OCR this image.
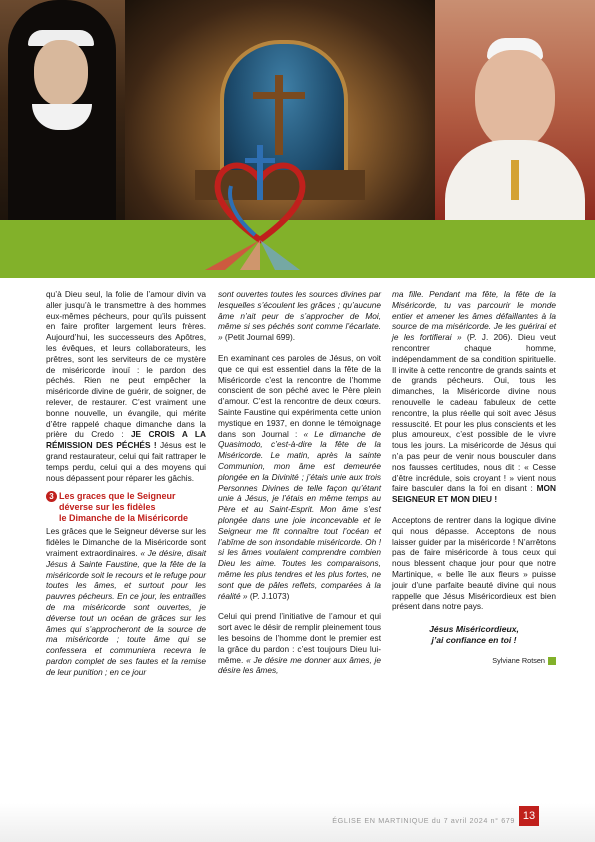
qu’à Dieu seul, la folie de l’amour divin va aller jusqu’à le transmettre à des hommes eux-mêmes pécheurs, pour qu’ils puissent en faire profiter largement leurs frères. Aujourd’hui, les successeurs des Apôtres, les évêques, et leurs collaborateurs, les prêtres, sont les serviteurs de ce mystère de miséricorde inouï : le pardon des péchés. Rien ne peut empêcher la miséricorde divine de guérir, de soigner, de relever, de restaurer. C’est vraiment une bonne nouvelle, un évangile, qui mérite d’être rappelé chaque dimanche dans la prière du Credo : JE CROIS A LA RÉMISSION DES PÉCHÉS ! Jésus est le grand restaurateur, celui qui fait rattraper le temps perdu, celui qui a des moyens qui nous dépassent pour réparer les gâchis.

3 Les graces que le Seigneur
déverse sur les fidèles
le Dimanche de la Miséricorde

Les grâces que le Seigneur déverse sur les fidèles le Dimanche de la Miséricorde sont vraiment extraordinaires. « Je désire, disait Jésus à Sainte Faustine, que la fête de la miséricorde soit le recours et le refuge pour toutes les âmes, et surtout pour les pauvres pécheurs. En ce jour, les entrailles de ma miséricorde sont ouvertes, je déverse tout un océan de grâces sur les âmes qui s’approcheront de la source de ma miséricorde ; toute âme qui se confessera et communiera recevra le pardon complet de ses fautes et la remise de leur punition ; en ce jour

sont ouvertes toutes les sources divines par lesquelles s’écoulent les grâces ; qu’aucune âme n’ait peur de s’approcher de Moi, même si ses péchés sont comme l’écarlate. » (Petit Journal 699).

En examinant ces paroles de Jésus, on voit que ce qui est essentiel dans la fête de la Miséricorde c’est la rencontre de l’homme conscient de son péché avec le Père plein d’amour. C’est la rencontre de deux cœurs. Sainte Faustine qui expérimenta cette union mystique en 1937, en donne le témoignage dans son Journal : « Le dimanche de Quasimodo, c’est-à-dire la fête de la Miséricorde. Le matin, après la sainte Communion, mon âme est demeurée plongée en la Divinité ; j’étais unie aux trois Personnes Divines de telle façon qu’étant unie à Jésus, je l’étais en même temps au Père et au Saint-Esprit. Mon âme s’est plongée dans une joie inconcevable et le Seigneur me fit connaître tout l’océan et l’abîme de son insondable miséricorde. Oh ! si les âmes voulaient comprendre combien Dieu les aime. Toutes les comparaisons, même les plus tendres et les plus fortes, ne sont que de pâles reflets, comparées à la réalité » (P. J.1073)

Celui qui prend l’initiative de l’amour et qui sort avec le désir de remplir pleinement tous les besoins de l’homme dont le premier est la grâce du pardon : c’est toujours Dieu lui-même. « Je désire me donner aux âmes, je désire les âmes,

ma fille. Pendant ma fête, la fête de la Miséricorde, tu vas parcourir le monde entier et amener les âmes défaillantes à la source de ma miséricorde. Je les guérirai et je les fortifierai » (P. J. 206). Dieu veut rencontrer chaque homme, indépendamment de sa condition spirituelle. Il invite à cette rencontre de grands saints et de grands pécheurs. Oui, tous les dimanches, la Miséricorde divine nous renouvelle le cadeau fabuleux de cette rencontre, la plus réelle qui soit avec Jésus ressuscité. Et pour les plus conscients et les plus amoureux, c’est possible de le vivre tous les jours. La miséricorde de Jésus qui n’a pas peur de venir nous bousculer dans nos fausses certitudes, nous dit : « Cesse d’être incrédule, sois croyant ! » vient nous faire basculer dans la foi en disant : MON SEIGNEUR ET MON DIEU !

Acceptons de rentrer dans la logique divine qui nous dépasse. Acceptons de nous laisser guider par la miséricorde ! N’arrêtons pas de faire miséricorde à tous ceux qui nous blessent chaque jour pour que notre Martinique, « belle île aux fleurs » puisse jouir d’une parfaite beauté divine qui nous rappelle que Jésus Miséricordieux est bien présent dans notre pays.

Jésus Miséricordieux,
j’ai confiance en toi !
Sylviane Rotsen
ÉGLISE EN MARTINIQUE du 7 avril 2024 n° 679 13
